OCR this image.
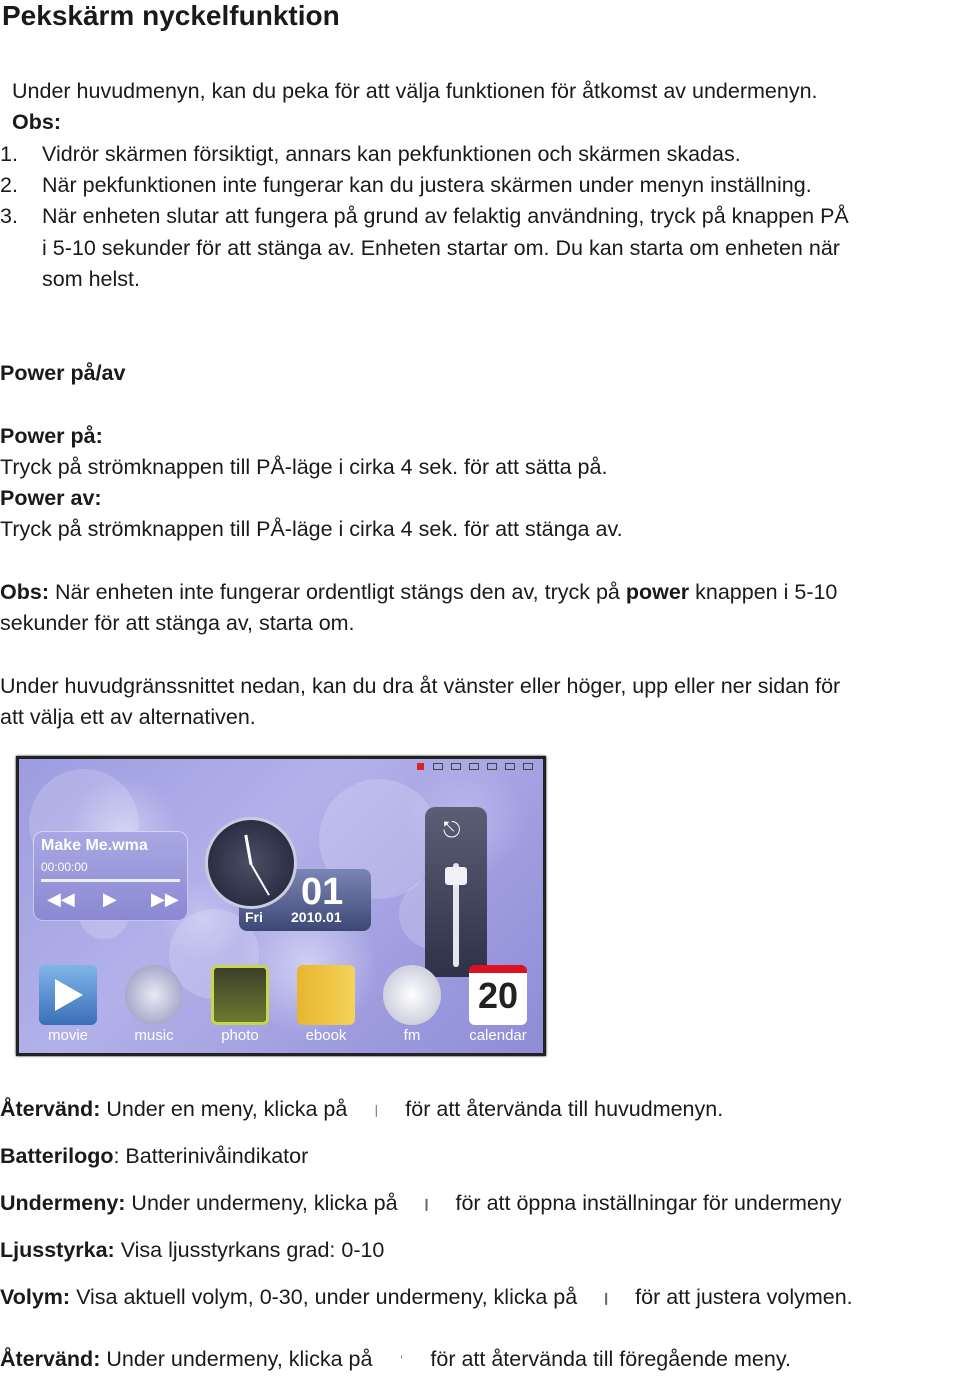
Pekskärm nyckelfunktion
Under huvudmenyn, kan du peka för att välja funktionen för åtkomst av undermenyn.
Obs:
1. Vidrör skärmen försiktigt, annars kan pekfunktionen och skärmen skadas.
2. När pekfunktionen inte fungerar kan du justera skärmen under menyn inställning.
3. När enheten slutar att fungera på grund av felaktig användning, tryck på knappen PÅ
i 5-10 sekunder för att stänga av. Enheten startar om. Du kan starta om enheten när
som helst.
Power på/av
Power på:
Tryck på strömknappen till PÅ-läge i cirka 4 sek. för att sätta på.
Power av:
Tryck på strömknappen till PÅ-läge i cirka 4 sek. för att stänga av.
Obs: När enheten inte fungerar ordentligt stängs den av, tryck på power knappen i 5-10
sekunder för att stänga av, starta om.
Under huvudgränssnittet nedan, kan du dra åt vänster eller höger, upp eller ner sidan för
att välja ett av alternativen.
Make Me.wma
00:00:00
◀◀ ▶ ▶▶	01
Fri 2010.01
⎋
movie	music	photo	ebook	fm
20
calendar
Återvänd: Under en meny, klicka på ❘ för att återvända till huvudmenyn.
Batterilogo: Batterinivåindikator
Undermeny: Under undermeny, klicka på ❙ för att öppna inställningar för undermeny
Ljusstyrka: Visa ljusstyrkans grad: 0-10
Volym: Visa aktuell volym, 0-30, under undermeny, klicka på ❙ för att justera volymen.
Återvänd: Under undermeny, klicka på ‘ för att återvända till föregående meny.
